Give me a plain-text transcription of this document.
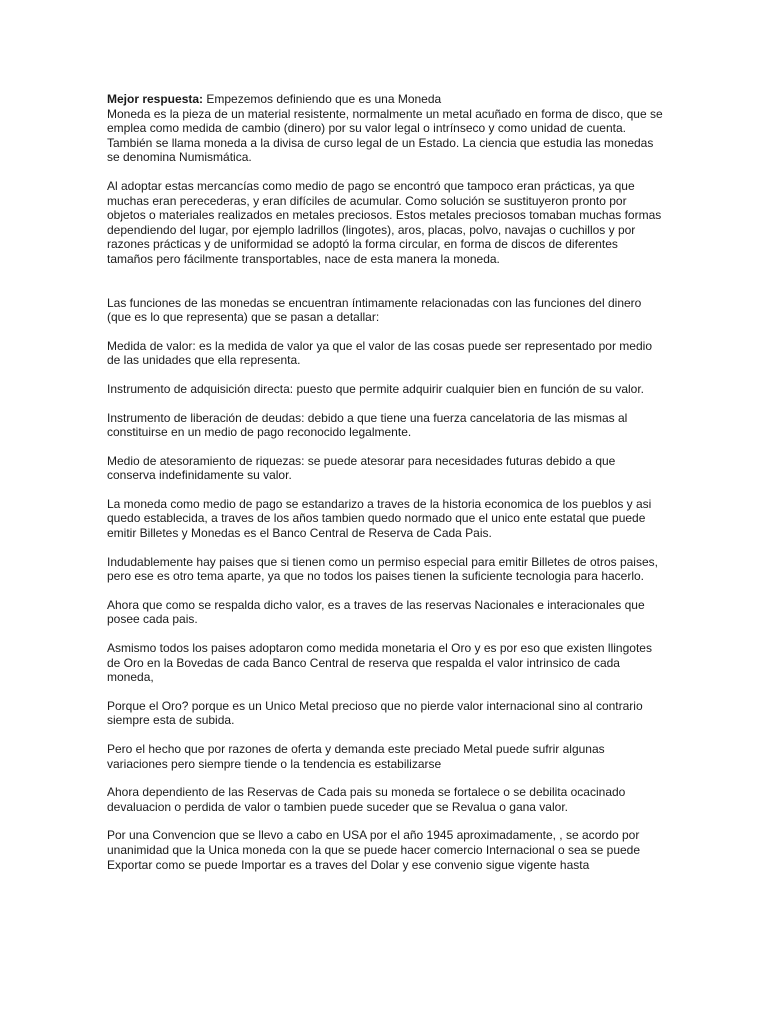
Mejor respuesta: Empezemos definiendo que es una Moneda
Moneda es la pieza de un material resistente, normalmente un metal acuñado en forma de disco, que se emplea como medida de cambio (dinero) por su valor legal o intrínseco y como unidad de cuenta. También se llama moneda a la divisa de curso legal de un Estado. La ciencia que estudia las monedas se denomina Numismática.

Al adoptar estas mercancías como medio de pago se encontró que tampoco eran prácticas, ya que muchas eran perecederas, y eran difíciles de acumular. Como solución se sustituyeron pronto por objetos o materiales realizados en metales preciosos. Estos metales preciosos tomaban muchas formas dependiendo del lugar, por ejemplo ladrillos (lingotes), aros, placas, polvo, navajas o cuchillos y por razones prácticas y de uniformidad se adoptó la forma circular, en forma de discos de diferentes tamaños pero fácilmente transportables, nace de esta manera la moneda.

Las funciones de las monedas se encuentran íntimamente relacionadas con las funciones del dinero (que es lo que representa) que se pasan a detallar:

Medida de valor: es la medida de valor ya que el valor de las cosas puede ser representado por medio de las unidades que ella representa.

Instrumento de adquisición directa: puesto que permite adquirir cualquier bien en función de su valor.

Instrumento de liberación de deudas: debido a que tiene una fuerza cancelatoria de las mismas al constituirse en un medio de pago reconocido legalmente.

Medio de atesoramiento de riquezas: se puede atesorar para necesidades futuras debido a que conserva indefinidamente su valor.

La moneda como medio de pago se estandarizo a traves de la historia economica de los pueblos y asi quedo establecida, a traves de los años tambien quedo normado que el unico ente estatal que puede emitir Billetes y Monedas es el Banco Central de Reserva de Cada Pais.

Indudablemente hay paises que si tienen como un permiso especial para emitir Billetes de otros paises, pero ese es otro tema aparte, ya que no todos los paises tienen la suficiente tecnologia para hacerlo.

Ahora que como se respalda dicho valor, es a traves de las reservas Nacionales e interacionales que posee cada pais.

Asmismo todos los paises adoptaron como medida monetaria el Oro y es por eso que existen llingotes de Oro en la Bovedas de cada Banco Central de reserva que respalda el valor intrinsico de cada moneda,

Porque el Oro? porque es un Unico Metal precioso que no pierde valor internacional sino al contrario siempre esta de subida.

Pero el hecho que por razones de oferta y demanda este preciado Metal puede sufrir algunas variaciones pero siempre tiende o la tendencia es estabilizarse

Ahora dependiento de las Reservas de Cada pais su moneda se fortalece o se debilita ocacinado devaluacion o perdida de valor o tambien puede suceder que se Revalua o gana valor.

Por una Convencion que se llevo a cabo en USA por el año 1945 aproximadamente, , se acordo por unanimidad que la Unica moneda con la que se puede hacer comercio Internacional o sea se puede Exportar como se puede Importar es a traves del Dolar y ese convenio sigue vigente hasta
